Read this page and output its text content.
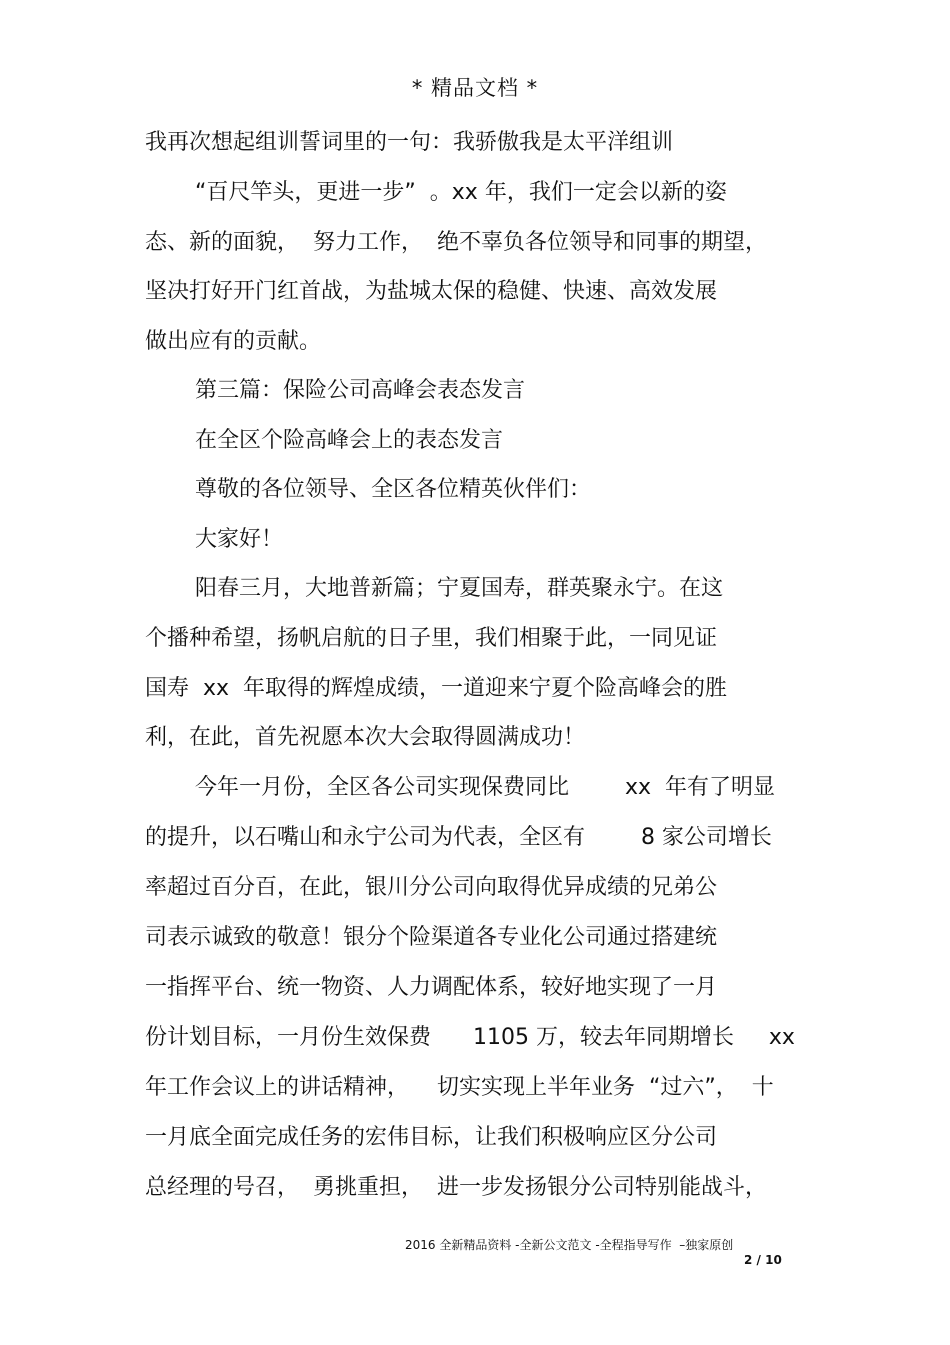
* 精品文档 *
我再次想起组训誓词里的一句：我骄傲我是太平洋组训
“百尺竿头，更进一步”  。xx 年，我们一定会以新的姿
态、新的面貌，  努力工作，  绝不辜负各位领导和同事的期望，
坚决打好开门红首战，为盐城太保的稳健、快速、高效发展
做出应有的贡献。
第三篇：保险公司高峰会表态发言
在全区个险高峰会上的表态发言
尊敬的各位领导、全区各位精英伙伴们：
大家好！
阳春三月，大地普新篇；宁夏国寿，群英聚永宁。在这
个播种希望，扬帆启航的日子里，我们相聚于此，一同见证
国寿  xx  年取得的辉煌成绩，一道迎来宁夏个险高峰会的胜
利，在此，首先祝愿本次大会取得圆满成功！
今年一月份，全区各公司实现保费同比        xx  年有了明显
的提升，以石嘴山和永宁公司为代表，全区有        8 家公司增长
率超过百分百，在此，银川分公司向取得优异成绩的兄弟公
司表示诚致的敬意！银分个险渠道各专业化公司通过搭建统
一指挥平台、统一物资、人力调配体系，较好地实现了一月
份计划目标，一月份生效保费      1105 万，较去年同期增长     xx
年工作会议上的讲话精神，    切实实现上半年业务  “过六”，  十
一月底全面完成任务的宏伟目标，让我们积极响应区分公司
总经理的号召，  勇挑重担，  进一步发扬银分公司特别能战斗，
2016 全新精品资料 -全新公文范文 -全程指导写作  –独家原创
2 / 10
